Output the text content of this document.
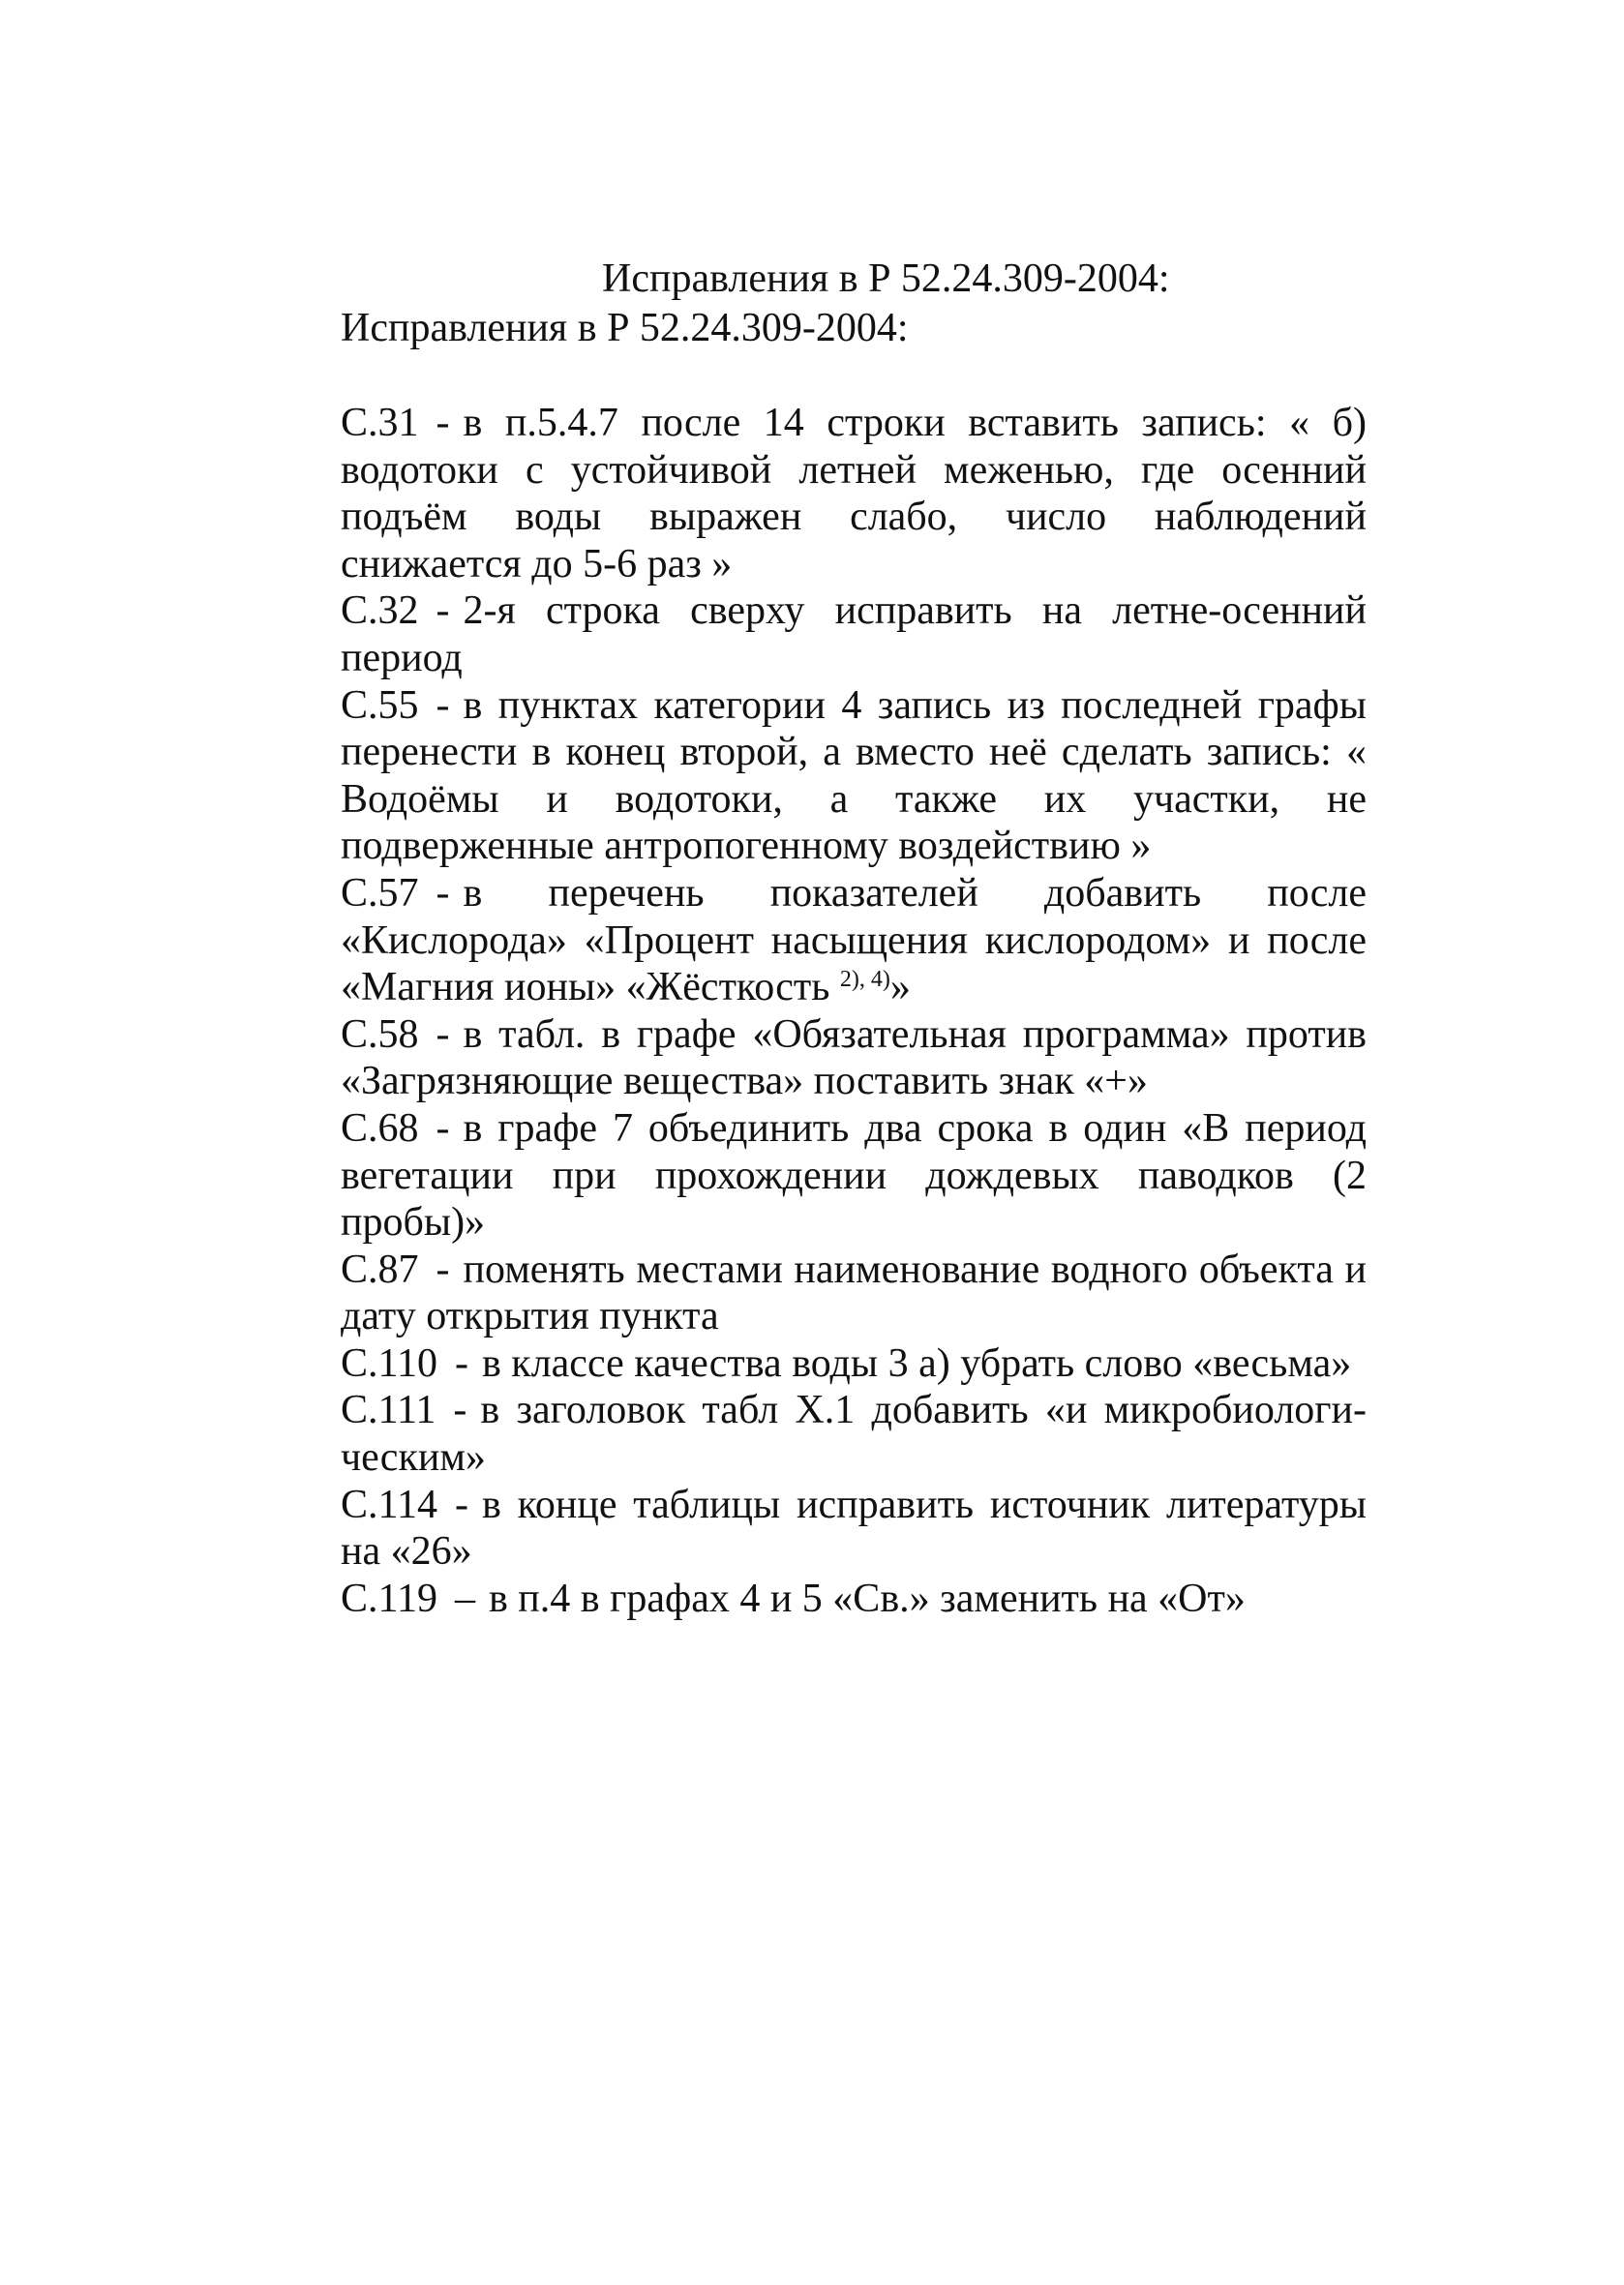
Исправления в Р 52.24.309-2004:
Исправления в Р 52.24.309-2004:

С.31 - в п.5.4.7 после 14 строки вставить запись: « б) водотоки с устойчивой летней меженью, где осенний подъём воды выражен слабо, число наблюдений снижается до 5-6 раз »

С.32 - 2-я строка сверху исправить на летне-осенний период

С.55 - в пунктах категории 4 запись из последней графы перенести в конец второй, а вместо неё сделать запись: « Водоёмы и водотоки, а также их участки, не подверженные антропогенному воздействию »

С.57 - в перечень показателей добавить после «Кислорода» «Процент насыщения кислородом» и после «Магния ионы» «Жёсткость $^{2), 4)}$»

С.58 - в табл. в графе «Обязательная программа» против «Загрязняющие вещества» поставить знак «+»

С.68 - в графе 7 объединить два срока в один «В период вегетации при прохождении дождевых паводков (2 пробы)»

С.87 - поменять местами наименование водного объекта и дату открытия пункта

С.110 - в классе качества воды 3 а) убрать слово «весьма»

С.111 - в заголовок табл Х.1 добавить «и микробиологи-ческим»

С.114 - в конце таблицы исправить источник литературы на «26»

С.119 – в п.4 в графах 4 и 5 «Св.» заменить на «От»
